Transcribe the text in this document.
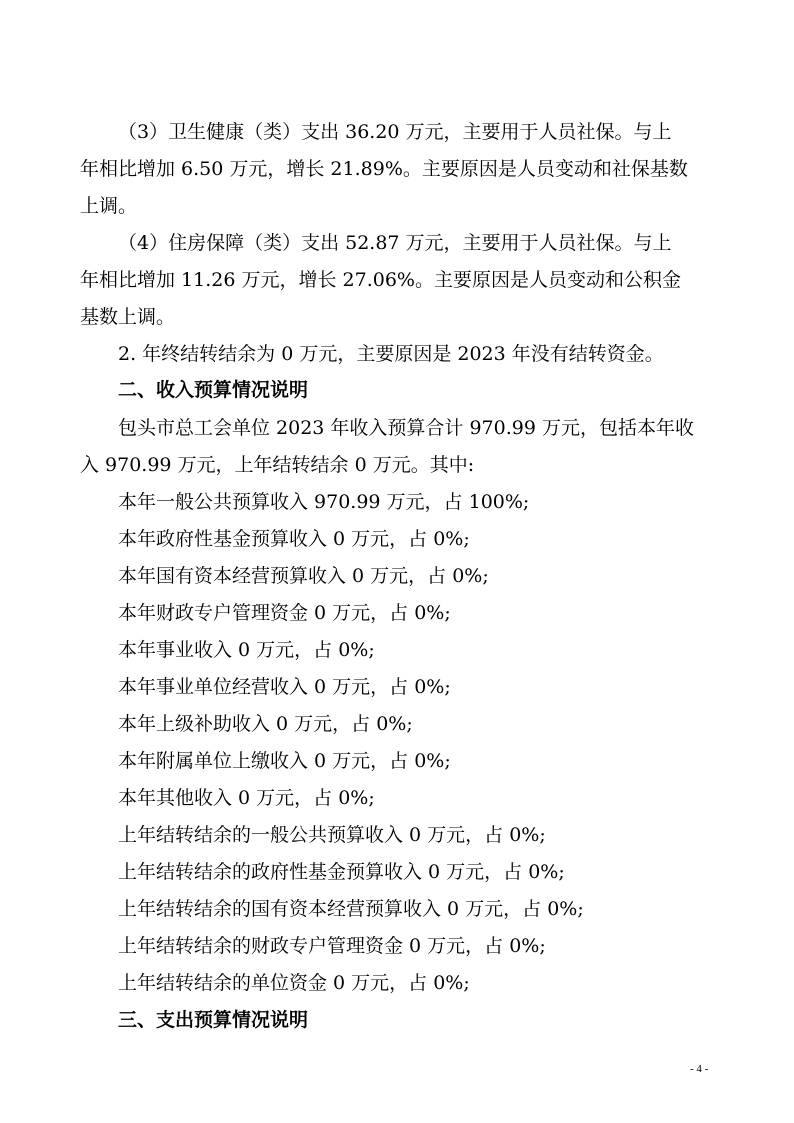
（3）卫生健康（类）支出 36.20 万元，主要用于人员社保。与上
年相比增加 6.50 万元，增长 21.89%。主要原因是人员变动和社保基数
上调。
（4）住房保障（类）支出 52.87 万元，主要用于人员社保。与上
年相比增加 11.26 万元，增长 27.06%。主要原因是人员变动和公积金
基数上调。
2. 年终结转结余为 0 万元，主要原因是 2023 年没有结转资金。
二、收入预算情况说明
包头市总工会单位 2023 年收入预算合计 970.99 万元，包括本年收
入 970.99 万元，上年结转结余 0 万元。其中:
本年一般公共预算收入 970.99 万元，占 100%;
本年政府性基金预算收入 0 万元，占 0%;
本年国有资本经营预算收入 0 万元，占 0%;
本年财政专户管理资金 0 万元，占 0%;
本年事业收入 0 万元，占 0%;
本年事业单位经营收入 0 万元，占 0%;
本年上级补助收入 0 万元，占 0%;
本年附属单位上缴收入 0 万元，占 0%;
本年其他收入 0 万元，占 0%;
上年结转结余的一般公共预算收入 0 万元，占 0%;
上年结转结余的政府性基金预算收入 0 万元，占 0%;
上年结转结余的国有资本经营预算收入 0 万元，占 0%;
上年结转结余的财政专户管理资金 0 万元，占 0%;
上年结转结余的单位资金 0 万元，占 0%;
三、支出预算情况说明
- 4 -
